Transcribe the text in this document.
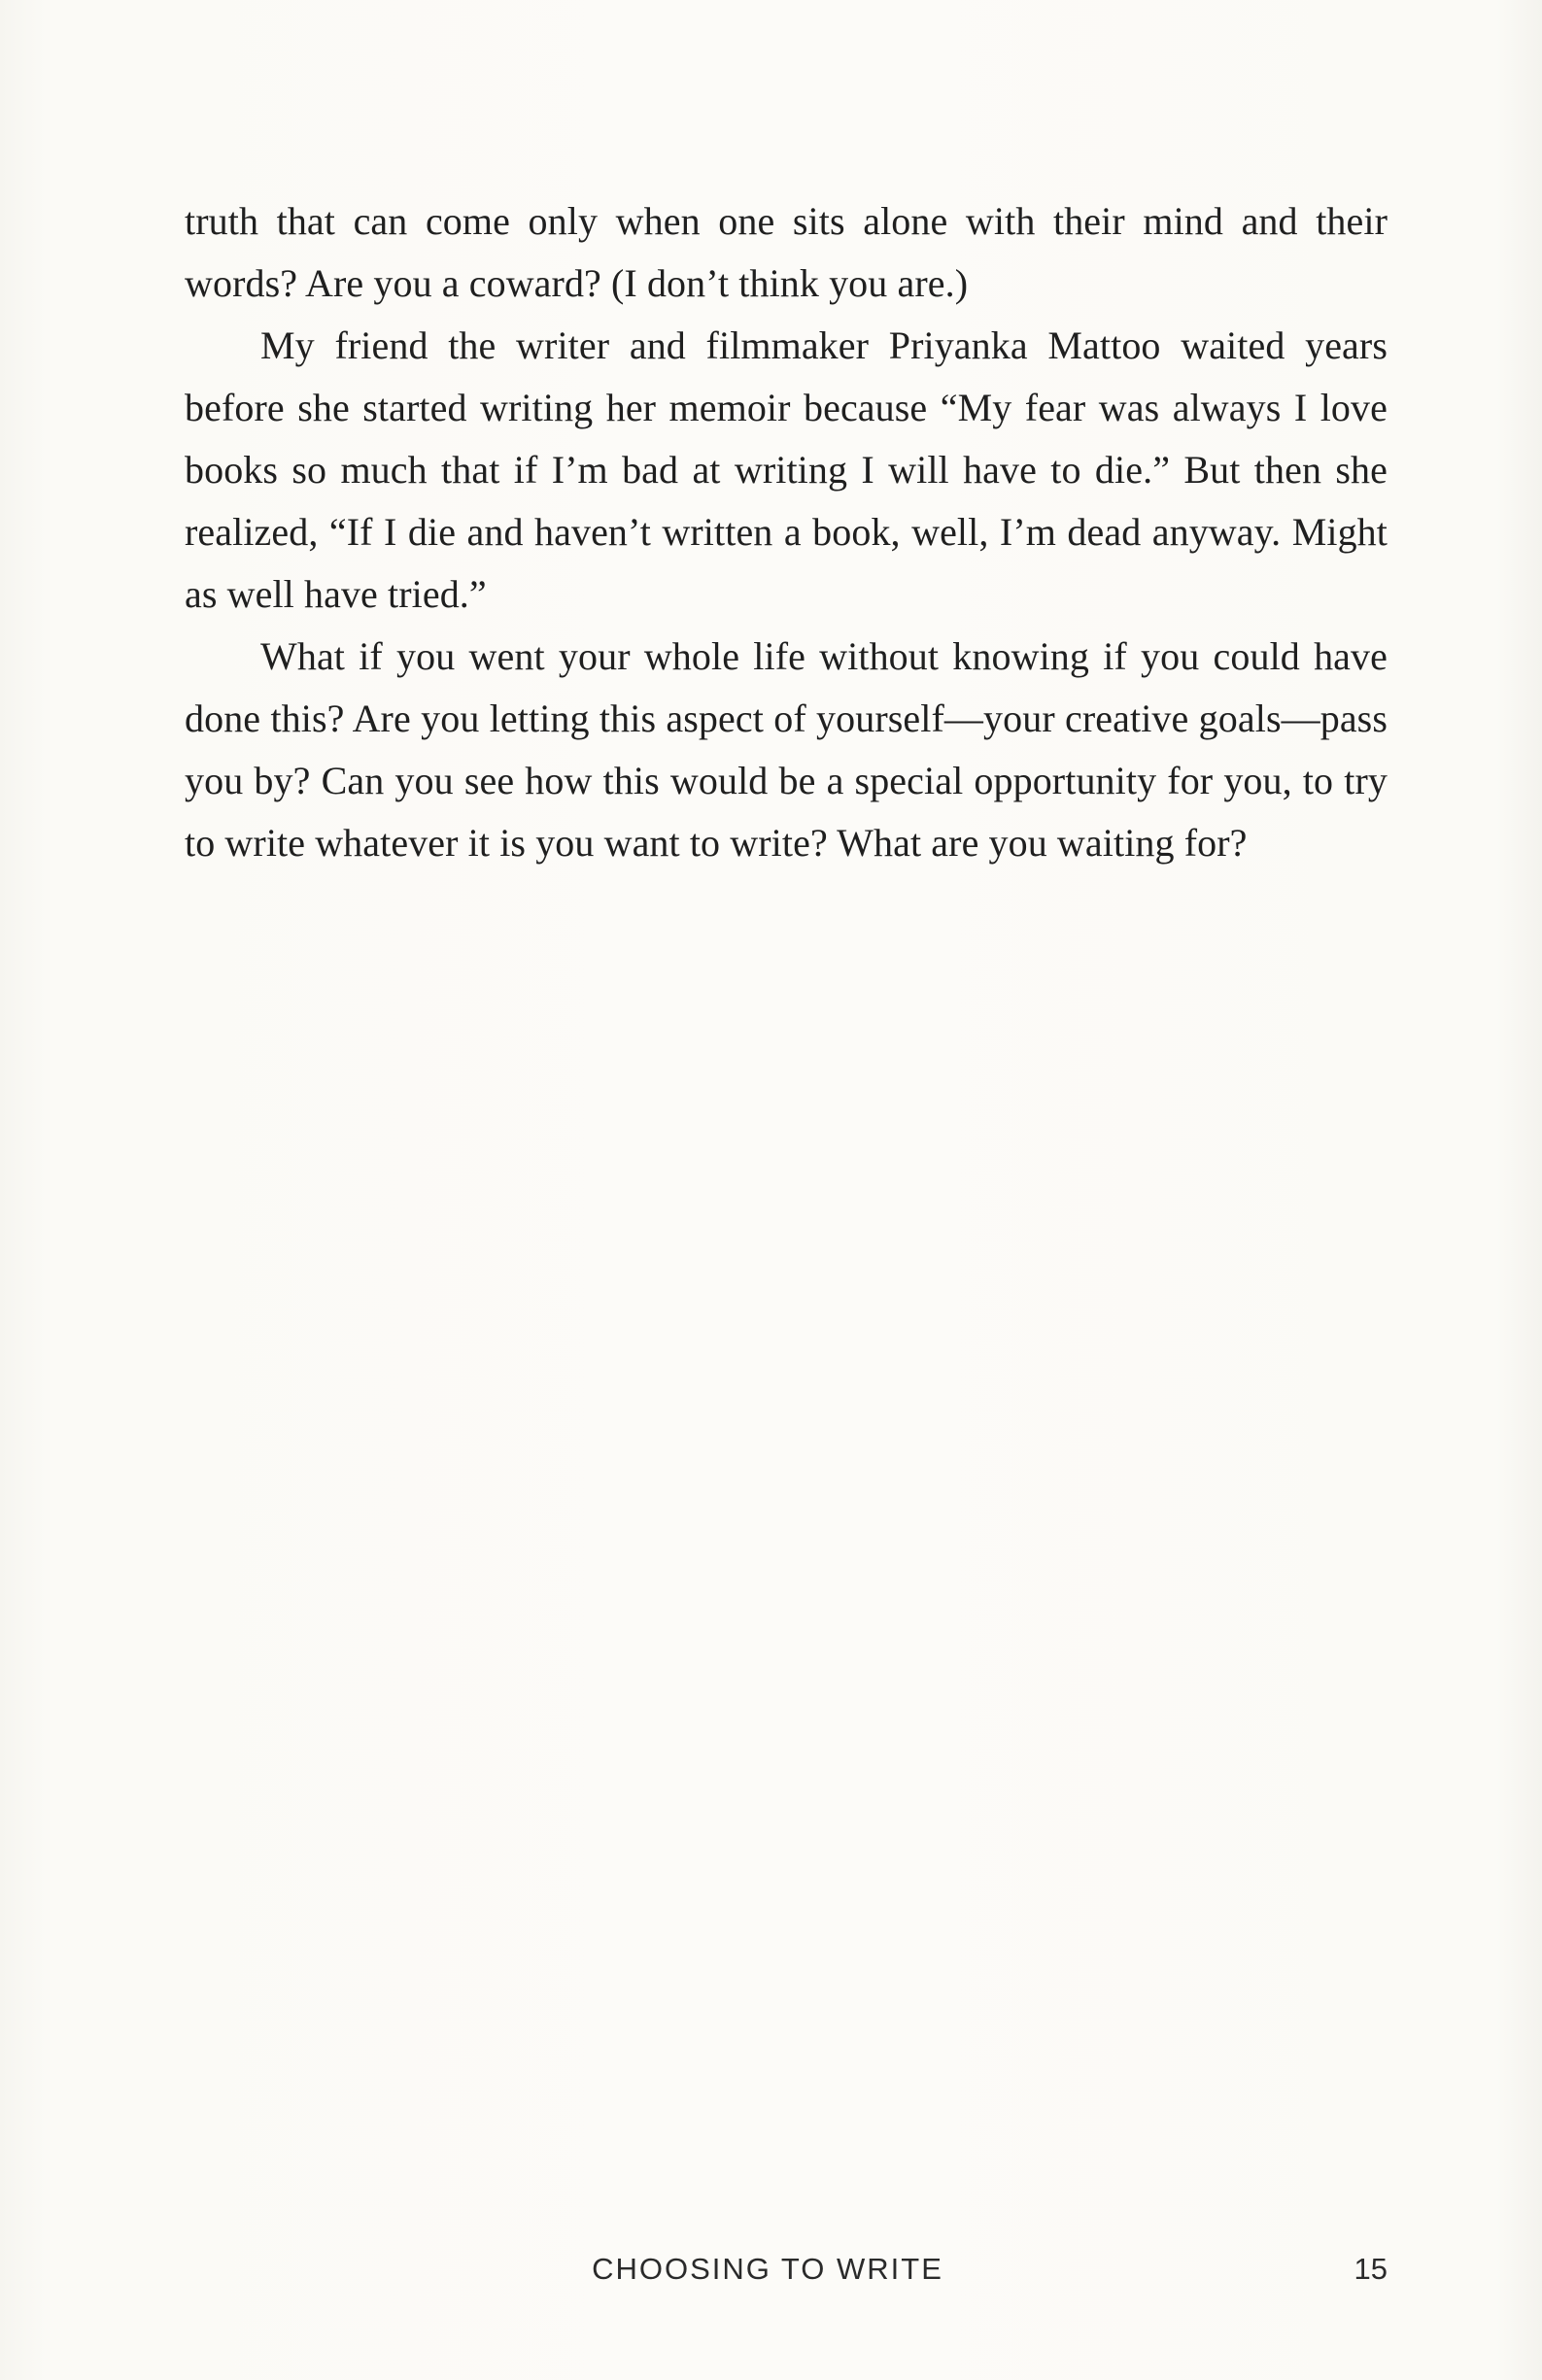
truth that can come only when one sits alone with their mind and their words? Are you a coward? (I don’t think you are.)

My friend the writer and filmmaker Priyanka Mattoo waited years before she started writing her memoir because “My fear was always I love books so much that if I’m bad at writing I will have to die.” But then she realized, “If I die and haven’t written a book, well, I’m dead anyway. Might as well have tried.”

What if you went your whole life without knowing if you could have done this? Are you letting this aspect of yourself—your creative goals—pass you by? Can you see how this would be a special opportunity for you, to try to write whatever it is you want to write? What are you waiting for?

CHOOSING TO WRITE	15
